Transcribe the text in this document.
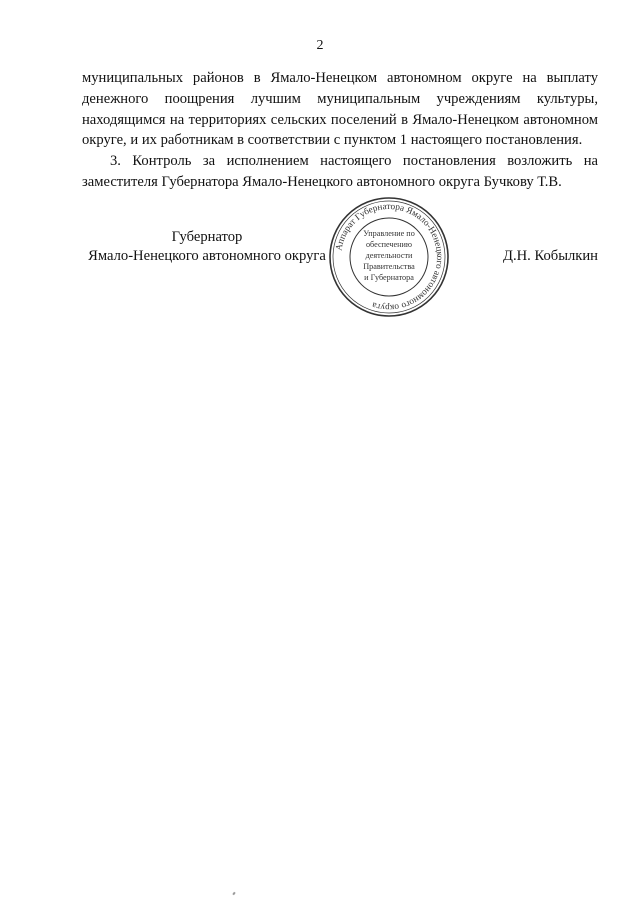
2

муниципальных районов в Ямало-Ненецком автономном округе на выплату денежного поощрения лучшим муниципальным учреждениям культуры, находящимся на территориях сельских поселений в Ямало-Ненецком автономном округе, и их работникам в соответствии с пунктом 1 настоящего постановления.

3. Контроль за исполнением настоящего постановления возложить на заместителя Губернатора Ямало-Ненецкого автономного округа Бучкову Т.В.

Губернатор
Ямало-Ненецкого автономного округа	Д.Н. Кобылкин
Аппарат Губернатора Ямало-Ненецкого автономного округа
Управление по
обеспечению
деятельности
Правительства
и Губернатора
